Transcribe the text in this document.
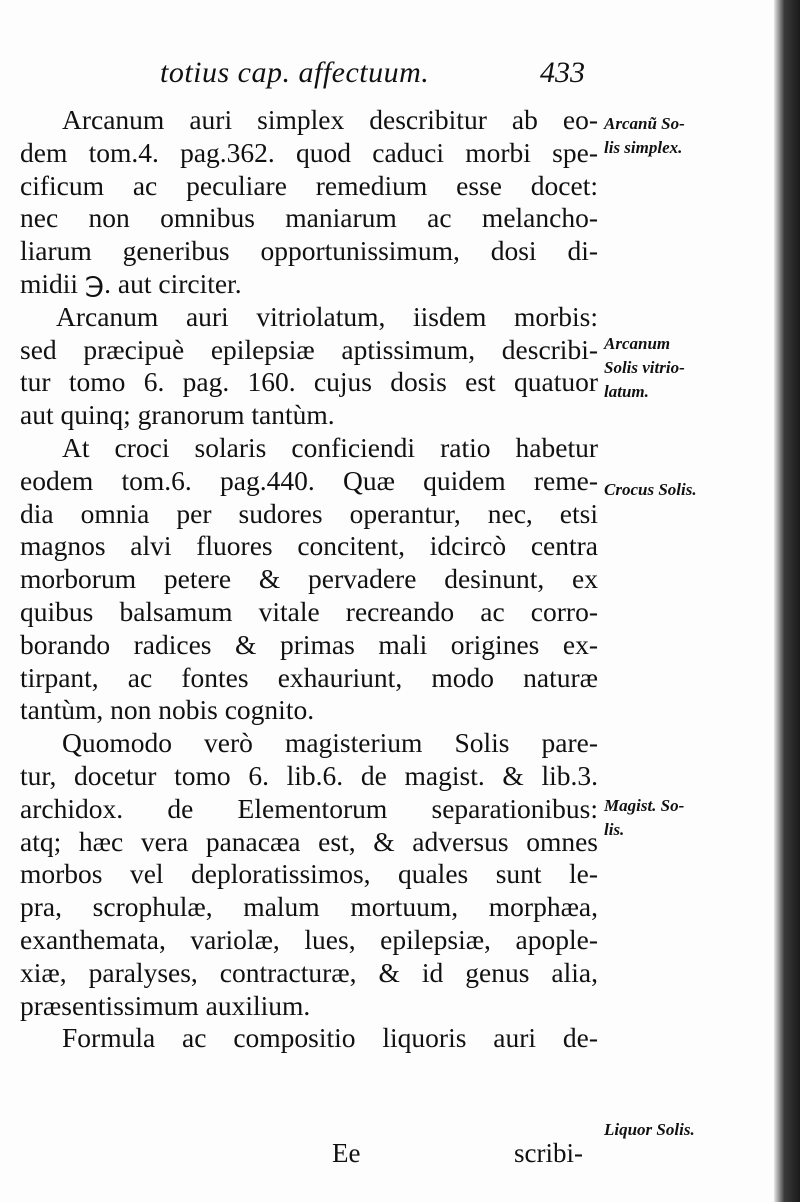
totius cap. affectuum.	433
Arcanum auri simplex describitur ab eo-
dem tom.4. pag.362. quod caduci morbi spe-
cificum ac peculiare remedium esse docet:
nec non omnibus maniarum ac melancho-
liarum generibus opportunissimum, dosi di-
midii ℈. aut circiter.
Arcanum auri vitriolatum, iisdem morbis:
sed præcipuè epilepsiæ aptissimum, describi-
tur tomo 6. pag. 160. cujus dosis est quatuor
aut quinq; granorum tantùm.
At croci solaris conficiendi ratio habetur
eodem tom.6. pag.440. Quæ quidem reme-
dia omnia per sudores operantur, nec, etsi
magnos alvi fluores concitent, idcircò centra
morborum petere & pervadere desinunt, ex
quibus balsamum vitale recreando ac corro-
borando radices & primas mali origines ex-
tirpant, ac fontes exhauriunt, modo naturæ
tantùm, non nobis cognito.
Quomodo verò magisterium Solis pare-
tur, docetur tomo 6. lib.6. de magist. & lib.3.
archidox. de Elementorum separationibus:
atq; hæc vera panacæa est, & adversus omnes
morbos vel deploratissimos, quales sunt le-
pra, scrophulæ, malum mortuum, morphæa,
exanthemata, variolæ, lues, epilepsiæ, apople-
xiæ, paralyses, contracturæ, & id genus alia,
præsentissimum auxilium.
Formula ac compositio liquoris auri de-
Arcanũ So-
lis simplex.
Arcanum
Solis vitrio-
latum.
Crocus Solis.
Magist. So-
lis.
Liquor Solis.
Ee	scribi-
